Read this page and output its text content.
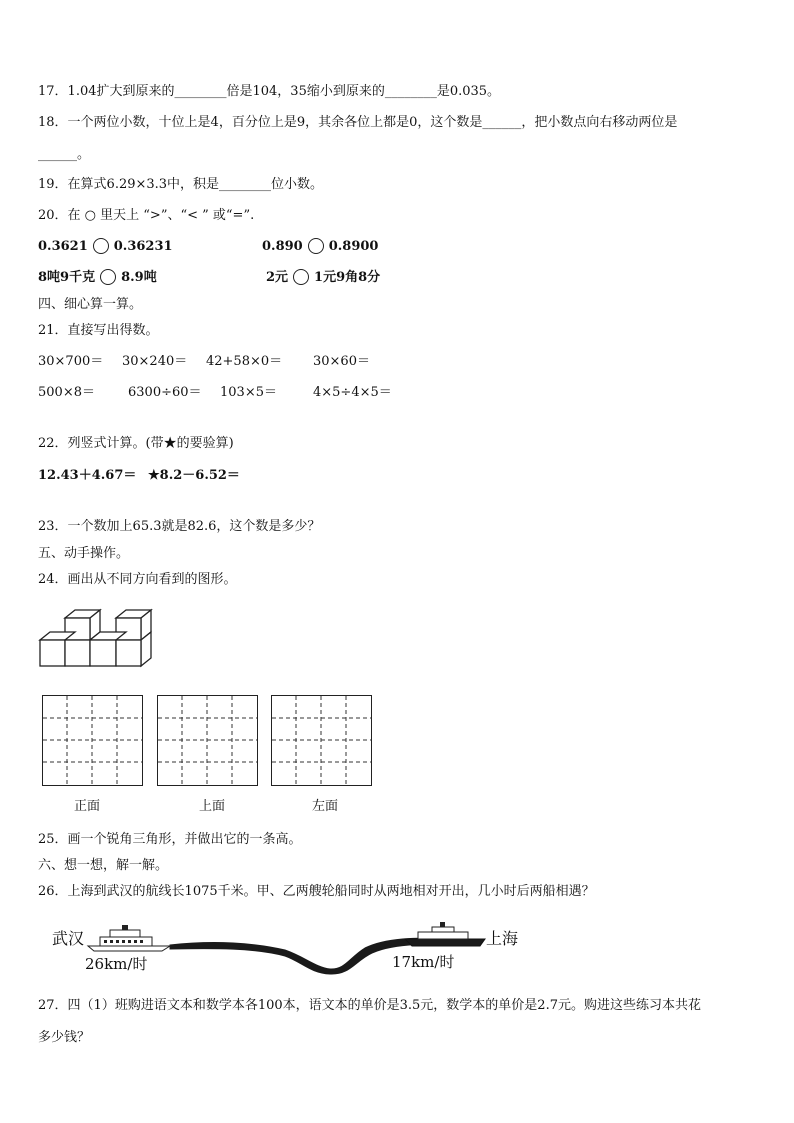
17．1.04扩大到原来的________倍是104，35缩小到原来的________是0.035。
18．一个两位小数，十位上是4，百分位上是9，其余各位上都是0，这个数是______，把小数点向右移动两位是
______。
19．在算式6.29×3.3中，积是________位小数。
20．在 ○ 里天上 “>”、“< ” 或“=”.
0.3621 0.36231	0.890 0.8900
8吨9千克 8.9吨	2元 1元9角8分
四、细心算一算。
21．直接写出得数。
30×700＝ 30×240＝ 42+58×0＝ 30×60＝
500×8＝	6300÷60＝ 103×5＝	4×5÷4×5＝
22．列竖式计算。(带★的要验算)
12.43＋4.67＝ ★8.2－6.52＝
23．一个数加上65.3就是82.6，这个数是多少？
五、动手操作。
24．画出从不同方向看到的图形。
正面	上面	左面
25．画一个锐角三角形，并做出它的一条高。
六、想一想，解一解。
26．上海到武汉的航线长1075千米。甲、乙两艘轮船同时从两地相对开出，几小时后两船相遇？
武汉	上海
26km/时	17km/时
27．四（1）班购进语文本和数学本各100本，语文本的单价是3.5元，数学本的单价是2.7元。购进这些练习本共花
多少钱？
